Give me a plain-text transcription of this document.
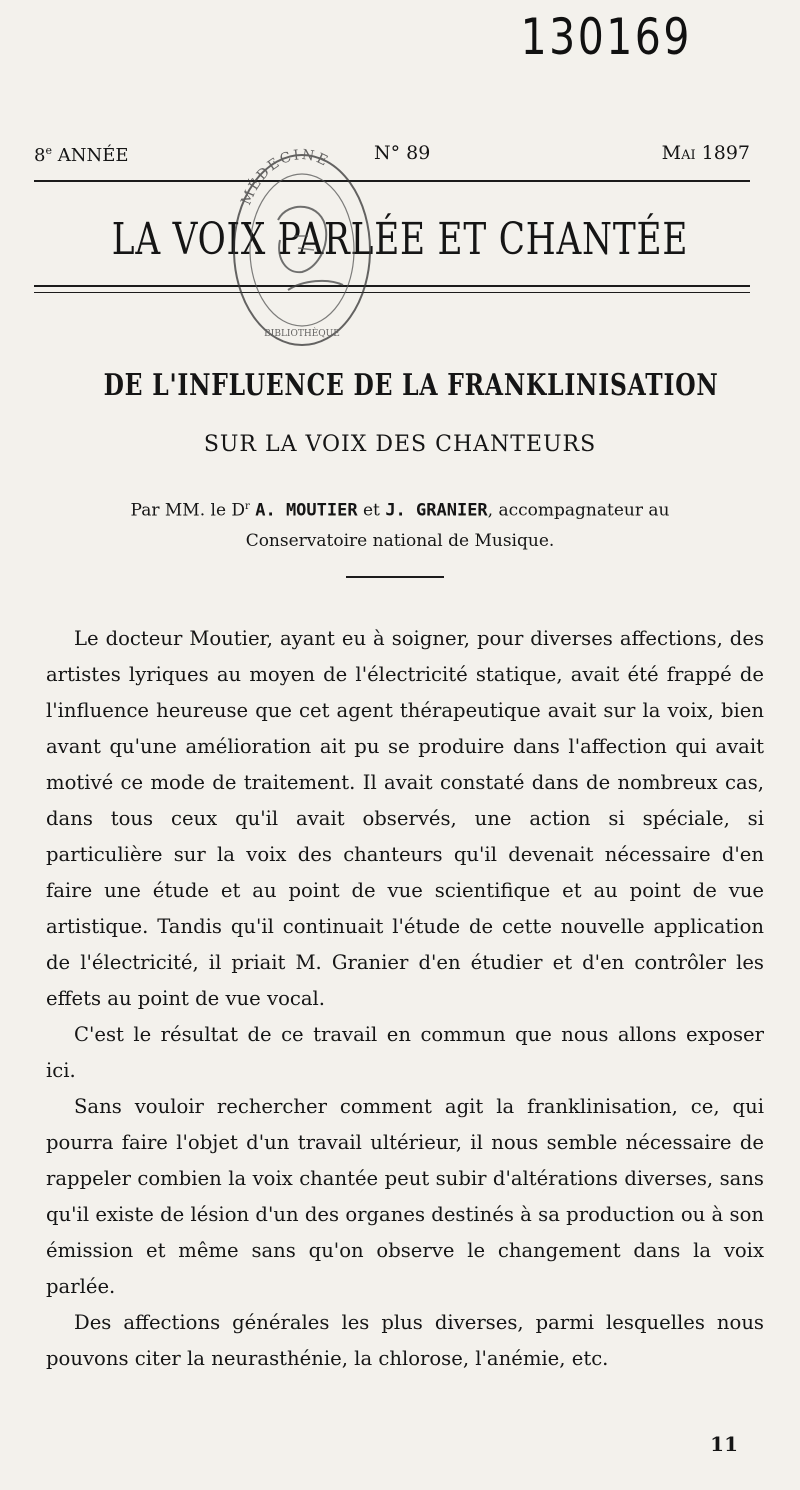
130169
8e ANNÉE	N° 89	Mai 1897
LA VOIX PARLÉE ET CHANTÉE
MÉDECINE
BIBLIOTHÈQUE
DE L'INFLUENCE DE LA FRANKLINISATION
SUR LA VOIX DES CHANTEURS
Par MM. le $D^r$ A. MOUTIER et J. GRANIER, accompagnateur au
Conservatoire national de Musique.

Le docteur Moutier, ayant eu à soigner, pour diverses affections, des artistes lyriques au moyen de l'électricité statique, avait été frappé de l'influence heureuse que cet agent thérapeutique avait sur la voix, bien avant qu'une amélioration ait pu se produire dans l'affection qui avait motivé ce mode de traitement. Il avait constaté dans de nombreux cas, dans tous ceux qu'il avait observés, une action si spéciale, si particulière sur la voix des chanteurs qu'il devenait nécessaire d'en faire une étude et au point de vue scientifique et au point de vue artistique. Tandis qu'il continuait l'étude de cette nouvelle application de l'électricité, il priait M. Granier d'en étudier et d'en contrôler les effets au point de vue vocal.

C'est le résultat de ce travail en commun que nous allons exposer ici.

Sans vouloir rechercher comment agit la franklinisation, ce, qui pourra faire l'objet d'un travail ultérieur, il nous semble nécessaire de rappeler combien la voix chantée peut subir d'altérations diverses, sans qu'il existe de lésion d'un des organes destinés à sa production ou à son émission et même sans qu'on observe le changement dans la voix parlée.

Des affections générales les plus diverses, parmi lesquelles nous pouvons citer la neurasthénie, la chlorose, l'anémie, etc.

11
